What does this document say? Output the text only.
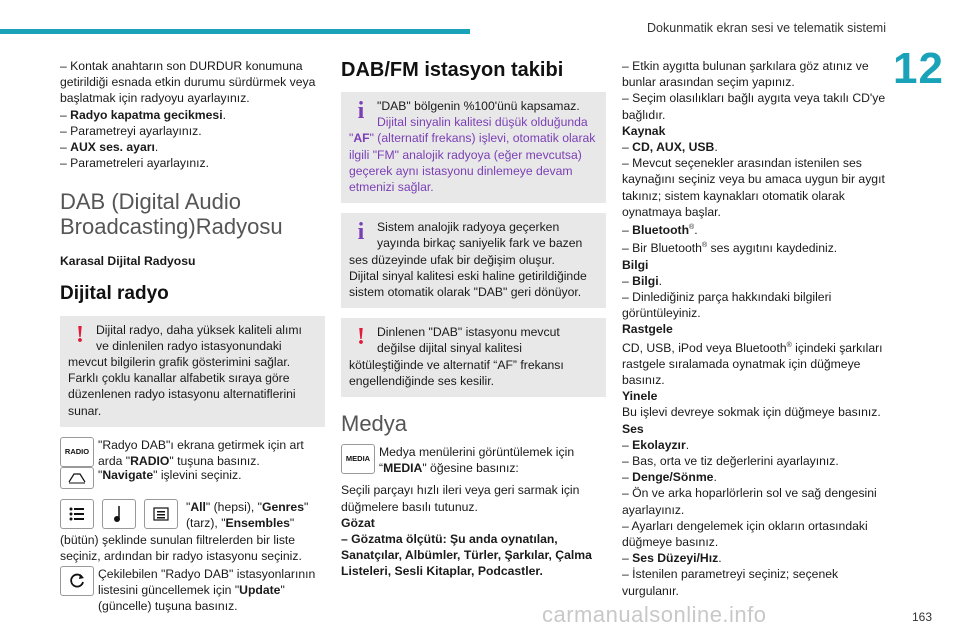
Dokunmatik ekran sesi ve telematik sistemi
12
– Kontak anahtarın son DURDUR konumuna getirildiği esnada etkin durumu sürdürmek veya başlatmak için radyoyu ayarlayınız.
– Radyo kapatma gecikmesi.
– Parametreyi ayarlayınız.
– AUX ses. ayarı.
– Parametreleri ayarlayınız.
DAB (Digital Audio Broadcasting)Radyosu
Karasal Dijital Radyosu
Dijital radyo
! Dijital radyo, daha yüksek kaliteli alımı ve dinlenilen radyo istasyonundaki mevcut bilgilerin grafik gösterimini sağlar.
Farklı çoklu kanallar alfabetik sıraya göre düzenlenen radyo istasyonu alternatiflerini sunar.
RADIO "Radyo DAB"ı ekrana getirmek için art arda "RADIO" tuşuna basınız.
"Navigate" işlevini seçiniz.
"All" (hepsi), "Genres" (tarz), "Ensembles" (bütün) şeklinde sunulan filtrelerden bir liste seçiniz, ardından bir radyo istasyonu seçiniz.
Çekilebilen "Radyo DAB" istasyonlarının listesini güncellemek için "Update" (güncelle) tuşuna basınız.
DAB/FM istasyon takibi
i	"DAB" bölgenin %100'ünü kapsamaz.
Dijital sinyalin kalitesi düşük olduğunda "AF" (alternatif frekans) işlevi, otomatik olarak ilgili "FM" analojik radyoya (eğer mevcutsa) geçerek aynı istasyonu dinlemeye devam etmenizi sağlar.
i	Sistem analojik radyoya geçerken yayında birkaç saniyelik fark ve bazen ses düzeyinde ufak bir değişim oluşur.
Dijital sinyal kalitesi eski haline getirildiğinde sistem otomatik olarak "DAB" geri dönüyor.
! Dinlenen "DAB" istasyonu mevcut değilse dijital sinyal kalitesi kötüleştiğinde ve alternatif “AF” frekansı engellendiğinde ses kesilir.
Medya
MEDIA Medya menülerini görüntülemek için “MEDIA" öğesine basınız:
Seçili parçayı hızlı ileri veya geri sarmak için düğmelere basılı tutunuz.
Gözat
– Gözatma ölçütü: Şu anda oynatılan, Sanatçılar, Albümler, Türler, Şarkılar, Çalma Listeleri, Sesli Kitaplar, Podcastler.
– Etkin aygıtta bulunan şarkılara göz atınız ve bunlar arasından seçim yapınız.
– Seçim olasılıkları bağlı aygıta veya takılı CD'ye bağlıdır.
Kaynak
– CD, AUX, USB.
– Mevcut seçenekler arasından istenilen ses kaynağını seçiniz veya bu amaca uygun bir aygıt takınız; sistem kaynakları otomatik olarak oynatmaya başlar.
– Bluetooth®.
– Bir Bluetooth® ses aygıtını kaydediniz.
Bilgi
– Bilgi.
– Dinlediğiniz parça hakkındaki bilgileri görüntüleyiniz.
Rastgele
CD, USB, iPod veya Bluetooth® içindeki şarkıları rastgele sıralamada oynatmak için düğmeye basınız.
Yinele
Bu işlevi devreye sokmak için düğmeye basınız.
Ses
– Ekolayzır.
– Bas, orta ve tiz değerlerini ayarlayınız.
– Denge/Sönme.
– Ön ve arka hoparlörlerin sol ve sağ dengesini ayarlayınız.
– Ayarları dengelemek için okların ortasındaki düğmeye basınız.
– Ses Düzeyi/Hız.
– İstenilen parametreyi seçiniz; seçenek vurgulanır.
carmanualsonline.info	163
